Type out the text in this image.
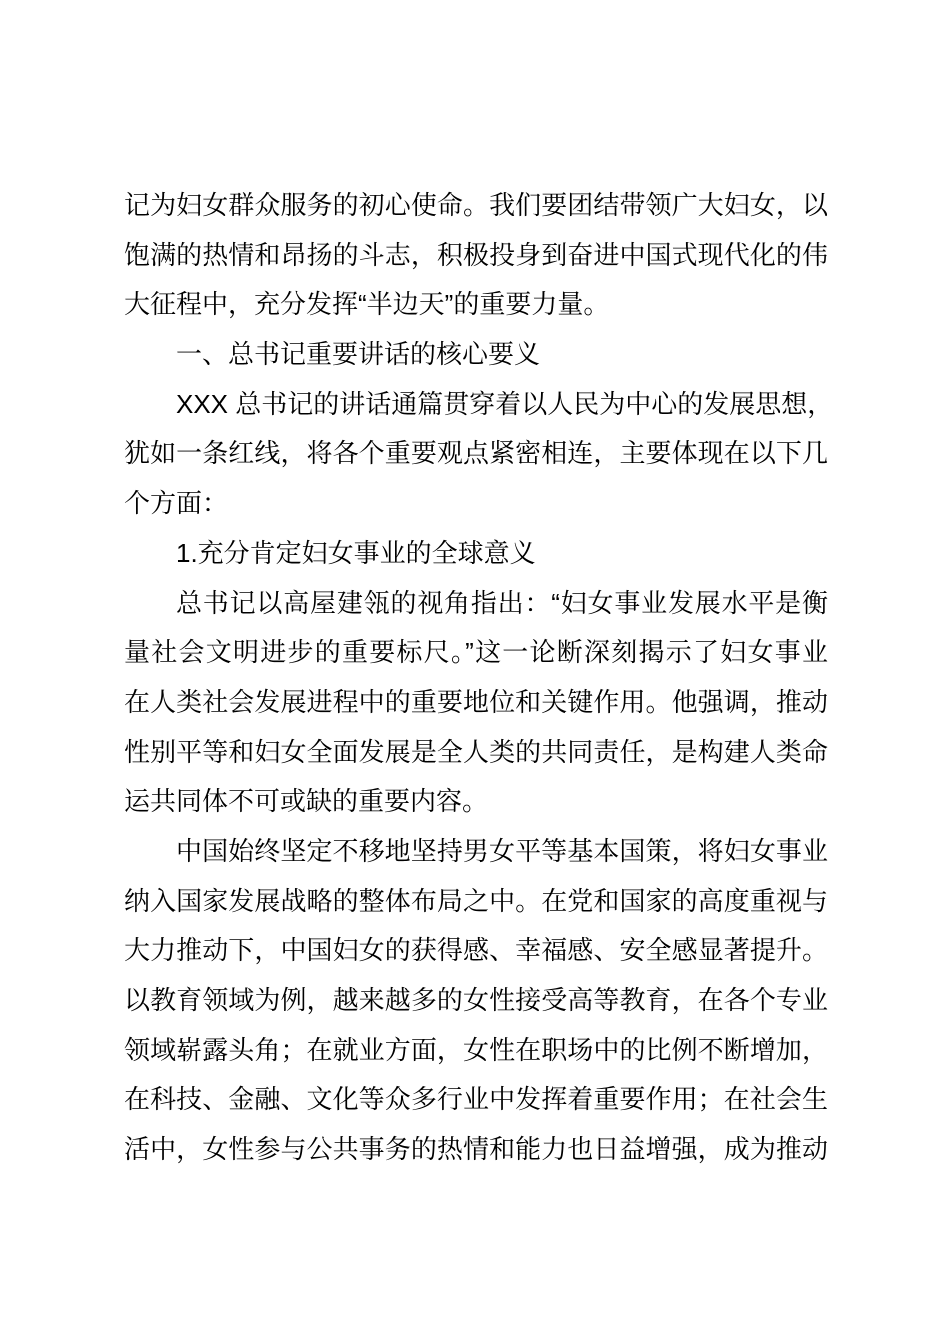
记为妇女群众服务的初心使命。我们要团结带领广大妇女，以
饱满的热情和昂扬的斗志，积极投身到奋进中国式现代化的伟
大征程中，充分发挥“半边天”的重要力量。
一、总书记重要讲话的核心要义
XXX 总书记的讲话通篇贯穿着以人民为中心的发展思想，
犹如一条红线，将各个重要观点紧密相连，主要体现在以下几
个方面：
1.充分肯定妇女事业的全球意义
总书记以高屋建瓴的视角指出：“妇女事业发展水平是衡
量社会文明进步的重要标尺。”这一论断深刻揭示了妇女事业
在人类社会发展进程中的重要地位和关键作用。他强调，推动
性别平等和妇女全面发展是全人类的共同责任，是构建人类命
运共同体不可或缺的重要内容。
中国始终坚定不移地坚持男女平等基本国策，将妇女事业
纳入国家发展战略的整体布局之中。在党和国家的高度重视与
大力推动下，中国妇女的获得感、幸福感、安全感显著提升。
以教育领域为例，越来越多的女性接受高等教育，在各个专业
领域崭露头角；在就业方面，女性在职场中的比例不断增加，
在科技、金融、文化等众多行业中发挥着重要作用；在社会生
活中，女性参与公共事务的热情和能力也日益增强，成为推动
